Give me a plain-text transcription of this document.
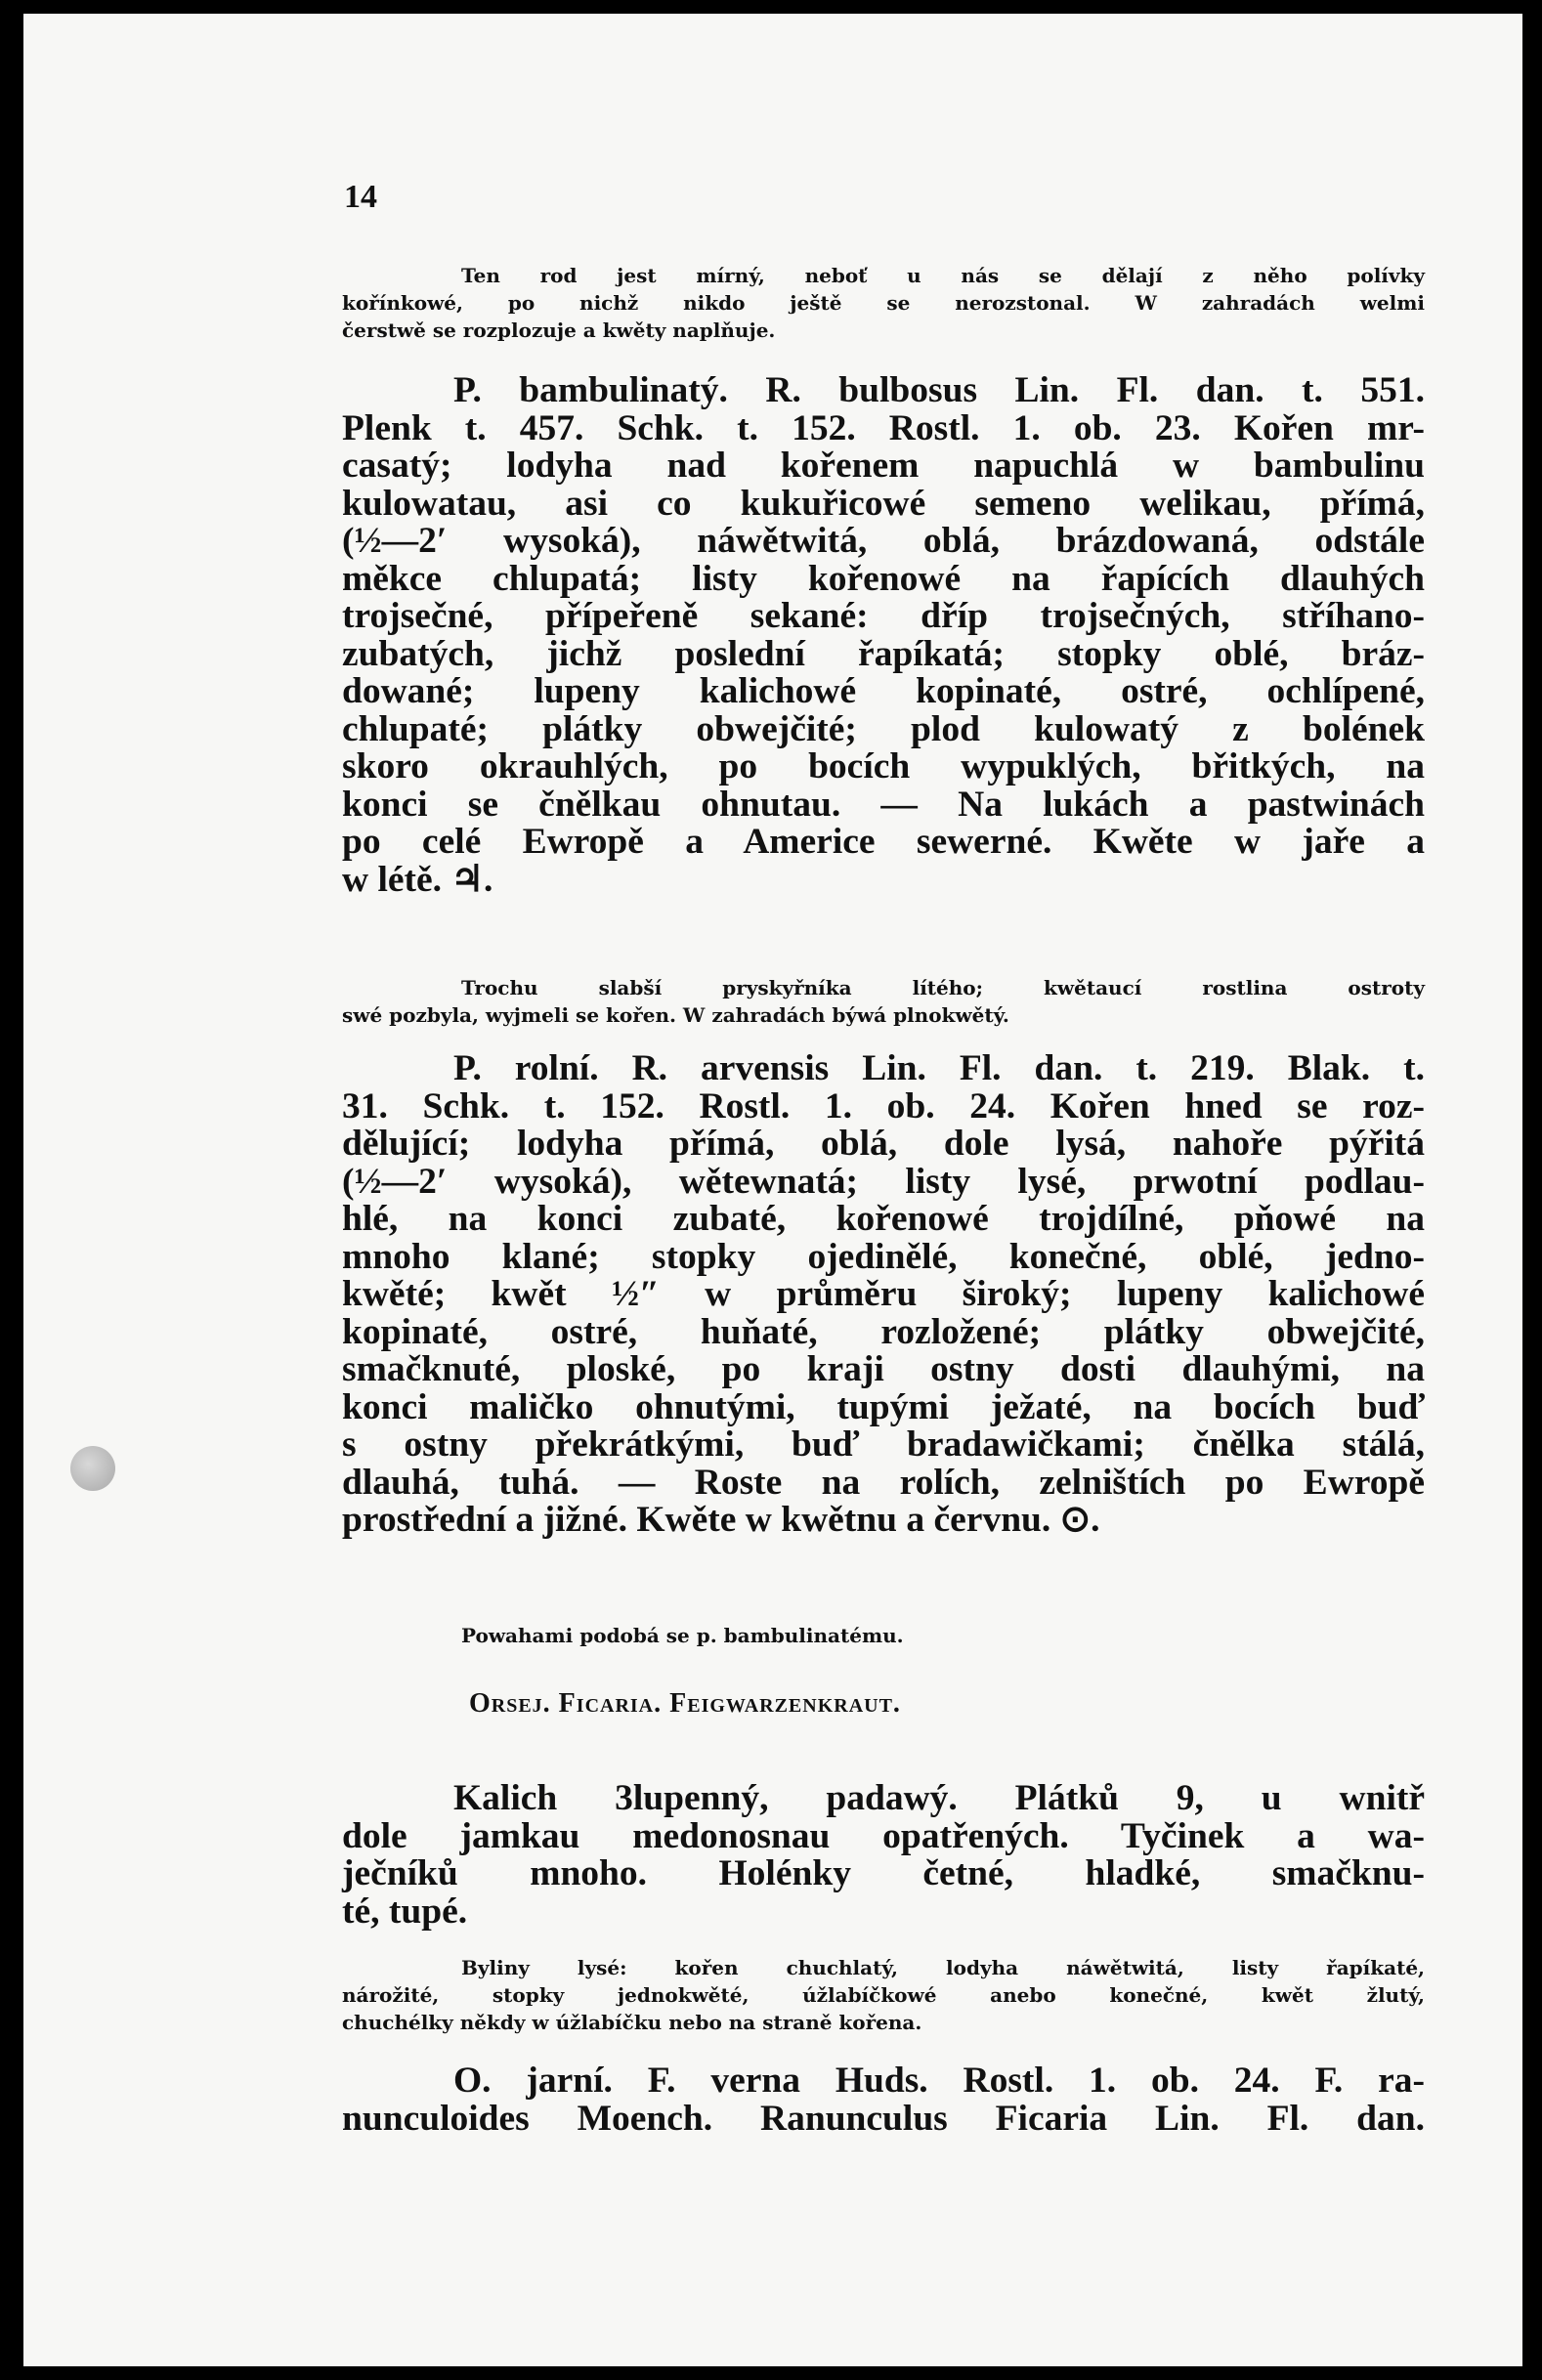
14

Ten rod jest mírný, neboť u nás se dělají z něho polívky

kořínkowé, po nichž nikdo ještě se nerozstonal. W zahradách welmi

čerstwě se rozplozuje a kwěty naplňuje.

P. bambulinatý. R. bulbosus Lin. Fl. dan. t. 551.

Plenk t. 457. Schk. t. 152. Rostl. 1. ob. 23. Kořen mr-

casatý; lodyha nad kořenem napuchlá w bambulinu

kulowatau, asi co kukuřicowé semeno welikau, přímá,

(½—2′ wysoká), náwětwitá, oblá, brázdowaná, odstále

měkce chlupatá; listy kořenowé na řapících dlauhých

trojsečné, přípeřeně sekané: dříp trojsečných, stříhano-

zubatých, jichž poslední řapíkatá; stopky oblé, bráz-

dowané; lupeny kalichowé kopinaté, ostré, ochlípené,

chlupaté; plátky obwejčité; plod kulowatý z bolének

skoro okrauhlých, po bocích wypuklých, břitkých, na

konci se čnělkau ohnutau. — Na lukách a pastwinách

po celé Ewropě a Americe sewerné. Kwěte w jaře a

w létě. ♃.

Trochu slabší pryskyřníka lítého; kwětaucí rostlina ostroty

swé pozbyla, wyjmeli se kořen. W zahradách býwá plnokwětý.

P. rolní. R. arvensis Lin. Fl. dan. t. 219. Blak. t.

31. Schk. t. 152. Rostl. 1. ob. 24. Kořen hned se roz-

dělující; lodyha přímá, oblá, dole lysá, nahoře pýřitá

(½—2′ wysoká), wětewnatá; listy lysé, prwotní podlau-

hlé, na konci zubaté, kořenowé trojdílné, pňowé na

mnoho klané; stopky ojedinělé, konečné, oblé, jedno-

kwěté; kwět ½″ w průměru široký; lupeny kalichowé

kopinaté, ostré, huňaté, rozložené; plátky obwejčité,

smačknuté, ploské, po kraji ostny dosti dlauhými, na

konci maličko ohnutými, tupými ježaté, na bocích buď

s ostny překrátkými, buď bradawičkami; čnělka stálá,

dlauhá, tuhá. — Roste na rolích, zelništích po Ewropě

prostřední a jižné. Kwěte w kwětnu a červnu. ⊙.

Powahami podobá se p. bambulinatému.

Kalich 3lupenný, padawý. Plátků 9, u wnitř

dole jamkau medonosnau opatřených. Tyčinek a wa-

ječníků mnoho. Holénky četné, hladké, smačknu-

té, tupé.

Byliny lysé: kořen chuchlatý, lodyha náwětwitá, listy řapíkaté,

nárožité, stopky jednokwěté, úžlabíčkowé anebo konečné, kwět žlutý,

chuchélky někdy w úžlabíčku nebo na straně kořena.

O. jarní. F. verna Huds. Rostl. 1. ob. 24. F. ra-

nunculoides Moench. Ranunculus Ficaria Lin. Fl. dan.

Orsej. Ficaria. Feigwarzenkraut.
